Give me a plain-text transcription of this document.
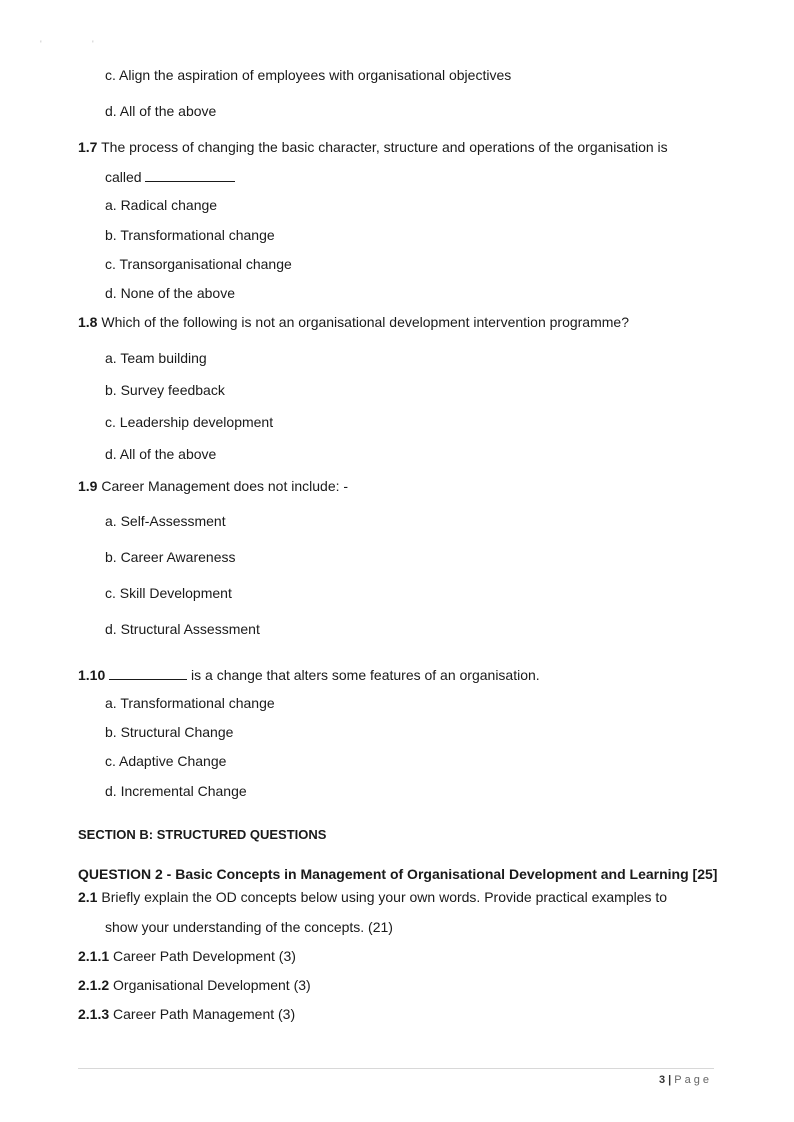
'	'
c. Align the aspiration of employees with organisational objectives
d. All of the above
1.7 The process of changing the basic character, structure and operations of the organisation is
called
a. Radical change
b. Transformational change
c. Transorganisational change
d. None of the above
1.8 Which of the following is not an organisational development intervention programme?
a. Team building
b. Survey feedback
c. Leadership development
d. All of the above
1.9 Career Management does not include: -
a. Self-Assessment
b. Career Awareness
c. Skill Development
d. Structural Assessment
1.10	is a change that alters some features of an organisation.
a. Transformational change
b. Structural Change
c. Adaptive Change
d. Incremental Change
SECTION B: STRUCTURED QUESTIONS
QUESTION 2 - Basic Concepts in Management of Organisational Development and Learning [25]
2.1 Briefly explain the OD concepts below using your own words. Provide practical examples to
show your understanding of the concepts. (21)
2.1.1 Career Path Development (3)
2.1.2 Organisational Development (3)
2.1.3 Career Path Management (3)
3 | Page
